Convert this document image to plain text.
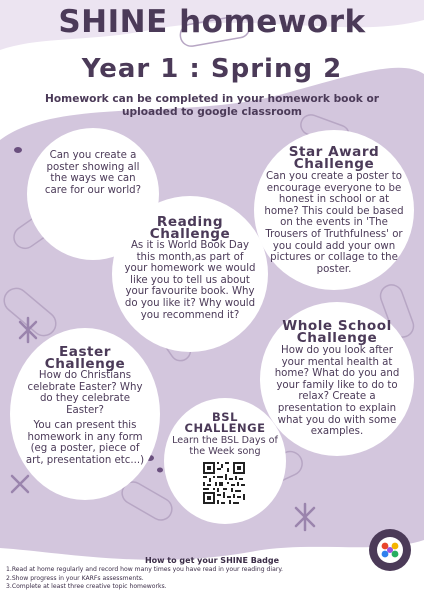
SHINE homework
Year 1 : Spring 2

Homework can be completed in your homework book or uploaded to google classroom

Can you create a poster showing all the ways we can care for our world?
Star Award
Challenge
Can you create a poster to encourage everyone to be honest in school or at home? This could be based on the events in 'The Trousers of Truthfulness' or you could add your own pictures or collage to the poster.
Reading
Challenge
As it is World Book Day this month,as part of your homework we would like you to tell us about your favourite book. Why do you like it? Why would you recommend it?
Whole School
Challenge
How do you look after your mental health at home? What do you and your family like to do to relax? Create a presentation to explain what you do with some examples.
Easter
Challenge
How do Christians celebrate Easter? Why do they celebrate Easter?
You can present this homework in any form (eg a poster, piece of art, presentation etc...)
BSL
CHALLENGE
Learn the BSL Days of the Week song
How to get your SHINE Badge
1.Read at home regularly and record how many times you have read in your reading diary.
2.Show progress in your KARFs assessments.
3.Complete at least three creative topic homeworks.
